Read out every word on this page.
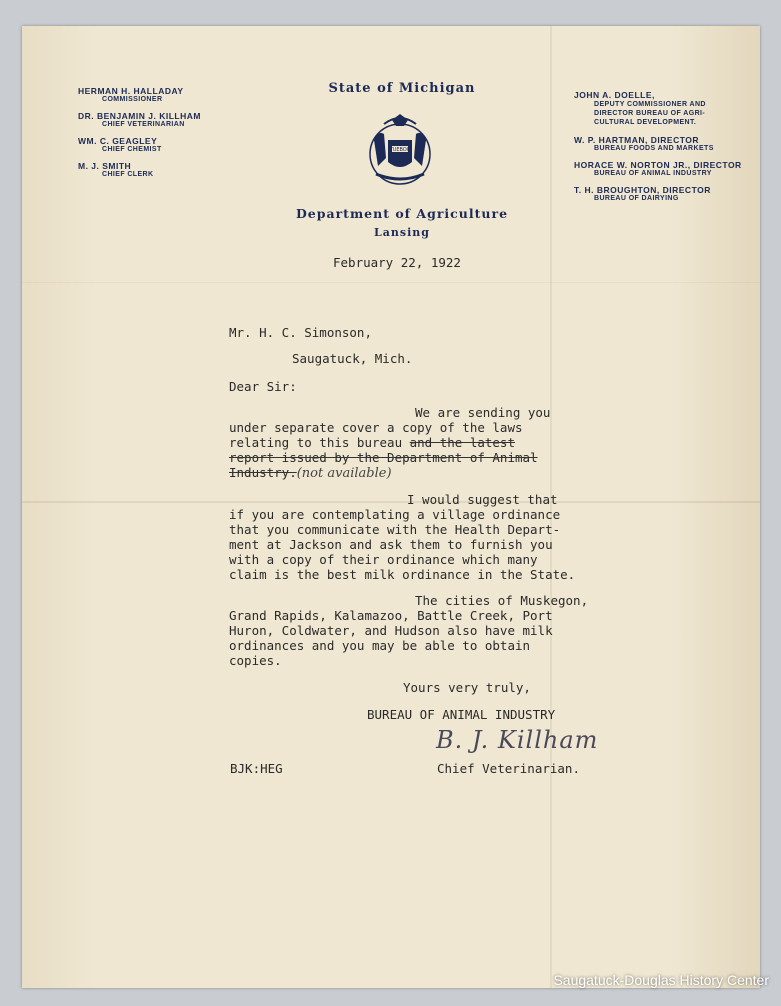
HERMAN H. HALLADAY
COMMISSIONER
DR. BENJAMIN J. KILLHAM
CHIEF VETERINARIAN
WM. C. GEAGLEY
CHIEF CHEMIST
M. J. SMITH
CHIEF CLERK
JOHN A. DOELLE,
DEPUTY COMMISSIONER AND DIRECTOR BUREAU OF AGRI-CULTURAL DEVELOPMENT.
W. P. HARTMAN, DIRECTOR
BUREAU FOODS AND MARKETS
HORACE W. NORTON JR., DIRECTOR
BUREAU OF ANIMAL INDUSTRY
T. H. BROUGHTON, DIRECTOR
BUREAU OF DAIRYING
State of Michigan
TUEBOR
Department of Agriculture
Lansing
February 22, 1922
Mr. H. C. Simonson,
Saugatuck, Mich.
Dear Sir:
We are sending you
under separate cover a copy of the laws
relating to this bureau and the latest
report issued by the Department of Animal
Industry.(not available)
I would suggest that
if you are contemplating a village ordinance
that you communicate with the Health Depart-
ment at Jackson and ask them to furnish you
with a copy of their ordinance which many
claim is the best milk ordinance in the State.
The cities of Muskegon,
Grand Rapids, Kalamazoo, Battle Creek, Port
Huron, Coldwater, and Hudson also have milk
ordinances and you may be able to obtain
copies.
Yours very truly,
BUREAU OF ANIMAL INDUSTRY
B. J. Killham
BJK:HEG	Chief Veterinarian.
Saugatuck-Douglas History Center
